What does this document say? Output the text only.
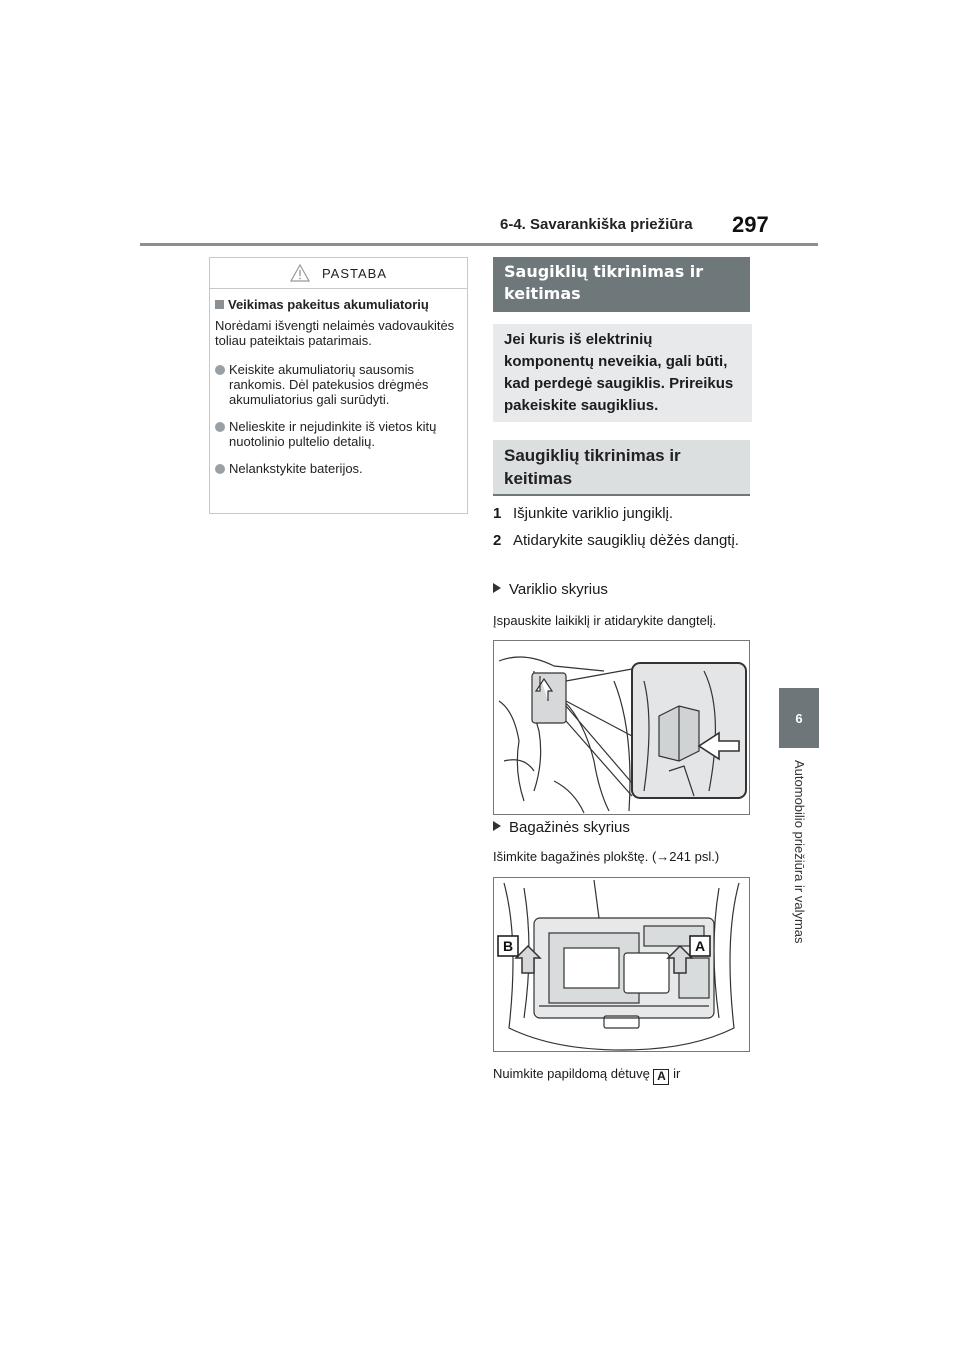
6-4. Savarankiška priežiūra 297
6
Automobilio priežiūra ir valymas
PASTABA
Veikimas pakeitus akumuliatorių
Norėdami išvengti nelaimės vadovaukitės toliau pateiktais patarimais.
Keiskite akumuliatorių sausomis rankomis. Dėl patekusios drėgmės akumuliatorius gali surūdyti.
Nelieskite ir nejudinkite iš vietos kitų nuotolinio pultelio detalių.
Nelankstykite baterijos.
Saugiklių tikrinimas ir keitimas
Jei kuris iš elektrinių komponentų neveikia, gali būti, kad perdegė saugiklis. Prireikus pakeiskite saugiklius.
Saugiklių tikrinimas ir keitimas
1 Išjunkite variklio jungiklį.
2 Atidarykite saugiklių dėžės dangtį.
Variklio skyrius
Įspauskite laikiklį ir atidarykite dangtelį.
Bagažinės skyrius
Išimkite bagažinės plokštę. (→241 psl.)
B	A
Nuimkite papildomą dėtuvę A ir
